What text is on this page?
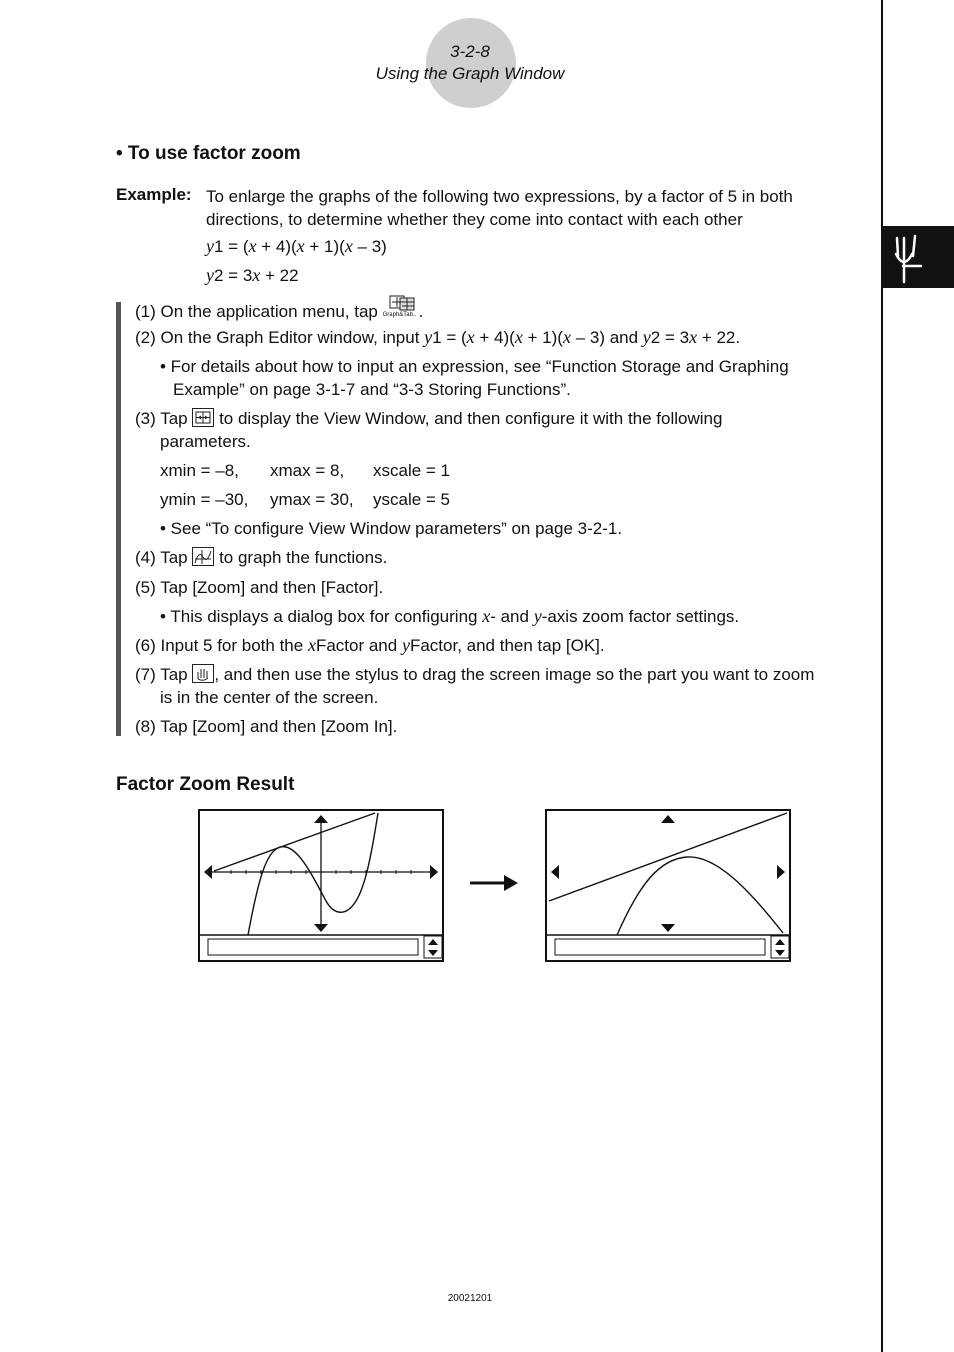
3-2-8
Using the Graph Window
• To use factor zoom
Example: To enlarge the graphs of the following two expressions, by a factor of 5 in both directions, to determine whether they come into contact with each other
y1 = (x + 4)(x + 1)(x – 3)
y2 = 3x + 22
(1) On the application menu, tap Graph&Tab.. .
(2) On the Graph Editor window, input y1 = (x + 4)(x + 1)(x – 3) and y2 = 3x + 22.
• For details about how to input an expression, see “Function Storage and Graphing Example” on page 3-1-7 and “3-3 Storing Functions”.
(3) Tap to display the View Window, and then configure it with the following
parameters.
xmin = –8, xmax = 8, xscale = 1
ymin = –30, ymax = 30, yscale = 5
• See “To configure View Window parameters” on page 3-2-1.
(4) Tap to graph the functions.
(5) Tap [Zoom] and then [Factor].
• This displays a dialog box for configuring x- and y-axis zoom factor settings.
(6) Input 5 for both the xFactor and yFactor, and then tap [OK].
(7) Tap , and then use the stylus to drag the screen image so the part you want to zoom
is in the center of the screen.
(8) Tap [Zoom] and then [Zoom In].
Factor Zoom Result
20021201
